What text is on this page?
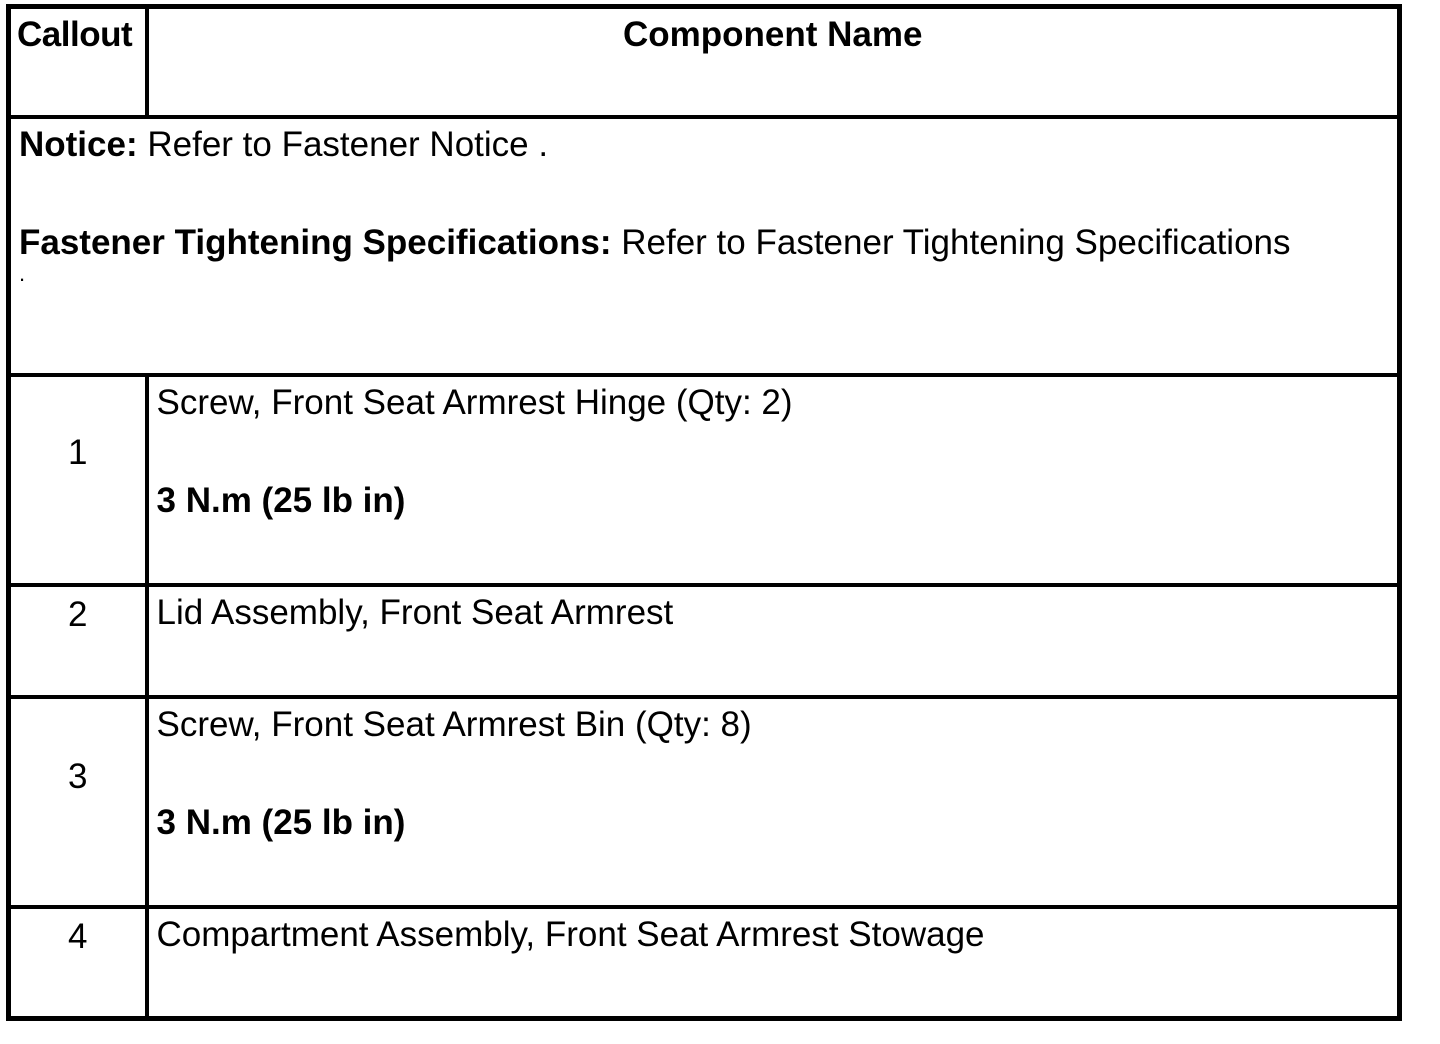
Callout	Component Name

Notice: Refer to Fastener Notice .

Fastener Tightening Specifications: Refer to Fastener Tightening Specifications

.	

1	Screw, Front Seat Armrest Hinge (Qty: 2)
3 N.m (25 lb in)

2	Lid Assembly, Front Seat Armrest

3	Screw, Front Seat Armrest Bin (Qty: 8)
3 N.m (25 lb in)

4	Compartment Assembly, Front Seat Armrest Stowage
